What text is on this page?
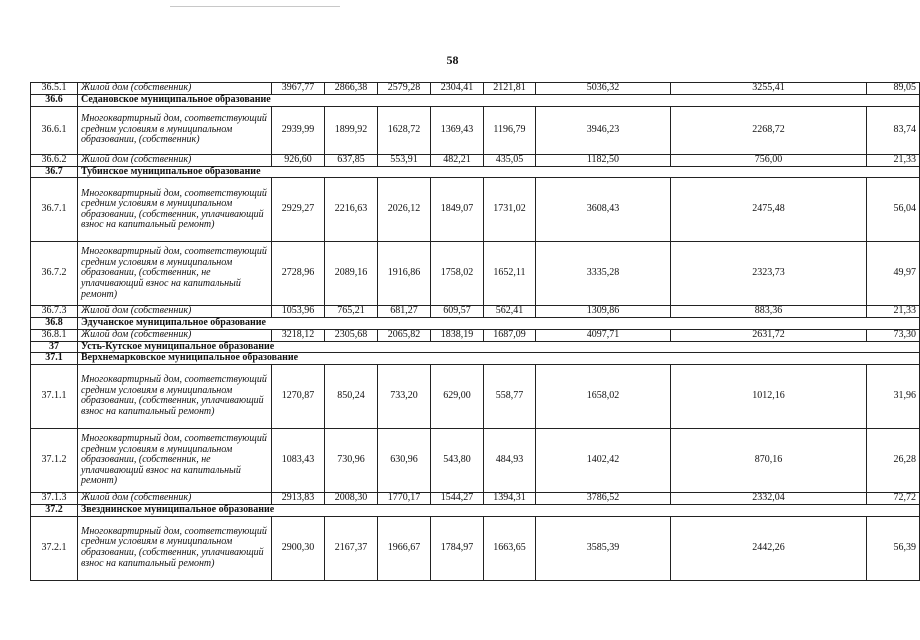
58
36.5.1	Жилой дом (собственник)	3967,77	2866,38	2579,28	2304,41	2121,81	5036,32	3255,41	89,05
36.6	Седановское муниципальное образование								
36.6.1	Многоквартирный дом, соответствующий средним условиям в муниципальном образовании, (собственник)	2939,99	1899,92	1628,72	1369,43	1196,79	3946,23	2268,72	83,74
36.6.2	Жилой дом (собственник)	926,60	637,85	553,91	482,21	435,05	1182,50	756,00	21,33
36.7	Тубинское муниципальное образование								
36.7.1	Многоквартирный дом, соответствующий средним условиям в муниципальном образовании, (собственник, уплачивающий взнос на капитальный ремонт)	2929,27	2216,63	2026,12	1849,07	1731,02	3608,43	2475,48	56,04
36.7.2	Многоквартирный дом, соответствующий средним условиям в муниципальном образовании, (собственник, не уплачивающий взнос на капитальный ремонт)	2728,96	2089,16	1916,86	1758,02	1652,11	3335,28	2323,73	49,97
36.7.3	Жилой дом (собственник)	1053,96	765,21	681,27	609,57	562,41	1309,86	883,36	21,33
36.8	Эдучанское муниципальное образование								
36.8.1	Жилой дом (собственник)	3218,12	2305,68	2065,82	1838,19	1687,09	4097,71	2631,72	73,30
37	Усть-Кутское муниципальное образование								
37.1	Верхнемарковское муниципальное образование								
37.1.1	Многоквартирный дом, соответствующий средним условиям в муниципальном образовании, (собственник, уплачивающий взнос на капитальный ремонт)	1270,87	850,24	733,20	629,00	558,77	1658,02	1012,16	31,96
37.1.2	Многоквартирный дом, соответствующий средним условиям в муниципальном образовании, (собственник, не уплачивающий взнос на капитальный ремонт)	1083,43	730,96	630,96	543,80	484,93	1402,42	870,16	26,28
37.1.3	Жилой дом (собственник)	2913,83	2008,30	1770,17	1544,27	1394,31	3786,52	2332,04	72,72
37.2	Звезднинское муниципальное образование								
37.2.1	Многоквартирный дом, соответствующий средним условиям в муниципальном образовании, (собственник, уплачивающий взнос на капитальный ремонт)	2900,30	2167,37	1966,67	1784,97	1663,65	3585,39	2442,26	56,39
